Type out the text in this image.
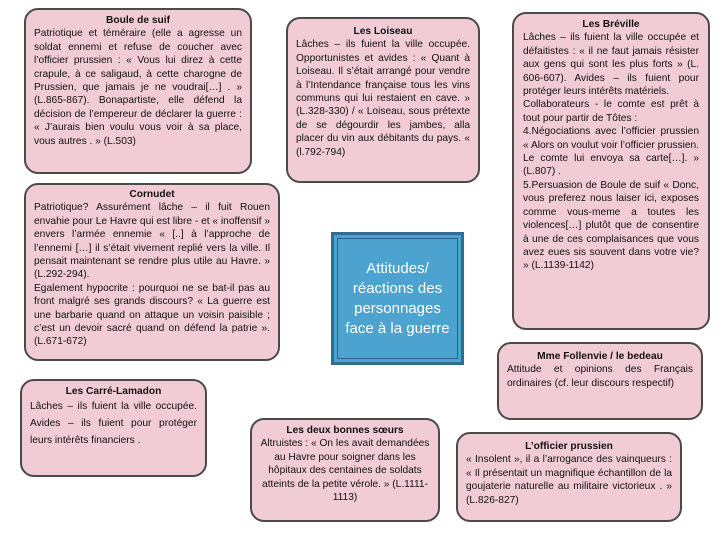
Boule de suif

Patriotique et téméraire (elle a agresse un soldat ennemi et refuse de coucher avec l’officier prussien : « Vous lui direz à cette crapule, à ce saligaud, à cette charogne de Prussien, que jamais je ne voudrai[…] . » (L.865-867). Bonapartiste, elle défend la décision de l’empereur de déclarer la guerre : « J’aurais bien voulu vous voir à sa place, vous autres . » (L.503)

Les Loiseau

Lâches – ils fuient la ville occupée. Opportunistes et avides : « Quant à Loiseau. Il s’était arrangé pour vendre à l’Intendance française tous les vins communs qui lui restaient en cave. » (L.328-330) / « Loiseau, sous prétexte de se dégourdir les jambes, alla placer du vin aux débitants du pays. « (l.792-794)

Les Bréville

Lâches – ils fuient la ville occupée et défaitistes : « il ne faut jamais résister aux gens qui sont les plus forts » (L. 606-607). Avides – ils fuient pour protéger leurs intérêts matériels.

Collaborateurs - le comte est prêt à tout pour partir de Tôtes :

4.Négociations avec l’officier prussien « Alors on voulut voir l’officier prussien. Le comte lui envoya sa carte[…]. » (L.807) .

5.Persuasion de Boule de suif « Donc, vous preferez nous laiser ici, exposes comme vous-meme a toutes les violences[…] plutôt que de consentire à une de ces complaisances que vous avez eues sis souvent dans votre vie? » (L.1139-1142)

Cornudet

Patriotique? Assurément lâche – il fuit Rouen envahie pour Le Havre qui est libre - et « inoffensif » envers l’armée ennemie « [..] à l’approche de l’ennemi […] il s’était vivement replié vers la ville. Il pensait maintenant se rendre plus utile au Havre. » (L.292-294).

Egalement hypocrite : pourquoi ne se bat-il pas au front malgré ses grands discours? « La guerre est une barbarie quand on attaque un voisin paisible ; c’est un devoir sacré quand on défend la patrie ». (L.671-672)

Attitudes/
réactions des
personnages
face à la guerre

Les Carré-Lamadon

Lâches – ils fuient la ville occupée. Avides – ils fuient pour protéger leurs intérêts financiers .

Les deux bonnes sœurs

Altruistes : « On les avait demandées au Havre pour soigner dans les hôpitaux des centaines de soldats atteints de la petite vérole. » (L.1111-1113)

Mme Follenvie / le bedeau

Attitude et opinions des Français ordinaires (cf. leur discours respectif)

L’officier prussien

« Insolent », il a l’arrogance des vainqueurs : « Il présentait un magnifique échantillon de la goujaterie naturelle au militaire victorieux . » (L.826-827)
